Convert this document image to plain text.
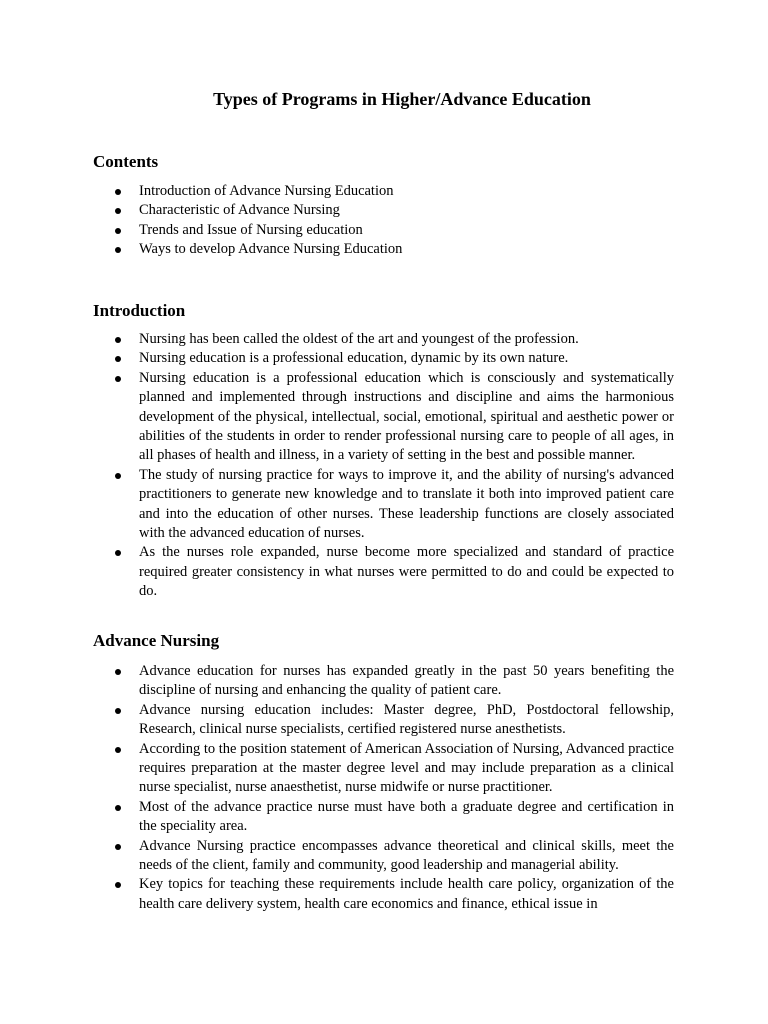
Types of Programs in Higher/Advance Education
Contents
Introduction of Advance Nursing Education
Characteristic of Advance Nursing
Trends and Issue of Nursing education
Ways to develop Advance Nursing Education
Introduction
Nursing has been called the oldest of the art and youngest of the profession.
Nursing education is a professional education, dynamic by its own nature.
Nursing education is a professional education which is consciously and systematically planned and implemented through instructions and discipline and aims the harmonious development of the physical, intellectual, social, emotional, spiritual and aesthetic power or abilities of the students in order to render professional nursing care to people of all ages, in all phases of health and illness, in a variety of setting in the best and possible manner.
The study of nursing practice for ways to improve it, and the ability of nursing's advanced practitioners to generate new knowledge and to translate it both into improved patient care and into the education of other nurses. These leadership functions are closely associated with the advanced education of nurses.
As the nurses role expanded, nurse become more specialized and standard of practice required greater consistency in what nurses were permitted to do and could be expected to do.
Advance Nursing
Advance education for nurses has expanded greatly in the past 50 years benefiting the discipline of nursing and enhancing the quality of patient care.
Advance nursing education includes: Master degree, PhD, Postdoctoral fellowship, Research, clinical nurse specialists, certified registered nurse anesthetists.
According to the position statement of American Association of Nursing, Advanced practice requires preparation at the master degree level and may include preparation as a clinical nurse specialist, nurse anaesthetist, nurse midwife or nurse practitioner.
Most of the advance practice nurse must have both a graduate degree and certification in the speciality area.
Advance Nursing practice encompasses advance theoretical and clinical skills, meet the needs of the client, family and community, good leadership and managerial ability.
Key topics for teaching these requirements include health care policy, organization of the health care delivery system, health care economics and finance, ethical issue in
